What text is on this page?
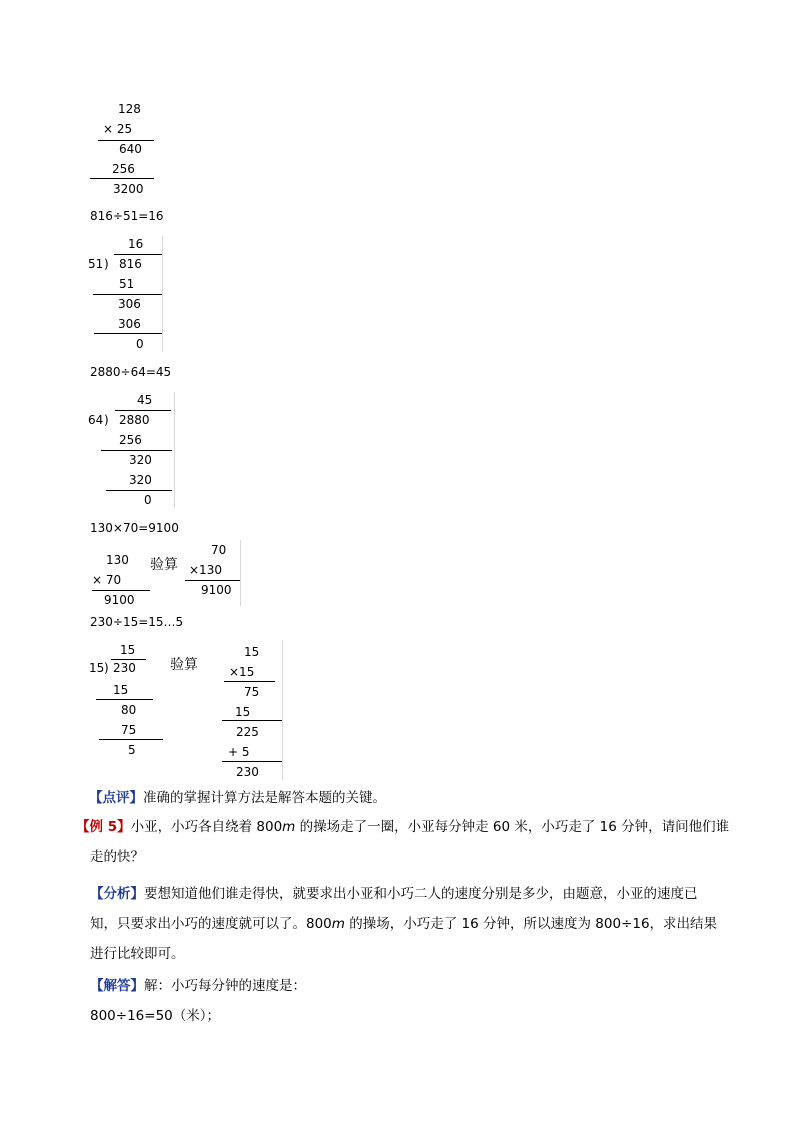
128
× 25
640
256
3200
816÷51=16
16
51 ) 816
51
306
306
0
2880÷64=45
45
64 ) 2880
256
320
320
0
130×70=9100
130
× 70
9100
验算
70
×130
9100
230÷15=15…5
15
15 ) 230
15
80
75
5
验算
15
×15
75
15
225
+ 5
230
【点评】准确的掌握计算方法是解答本题的关键。

【例 5】小亚，小巧各自绕着 800m 的操场走了一圈，小亚每分钟走 60 米，小巧走了 16 分钟，请问他们谁

走的快？

【分析】要想知道他们谁走得快，就要求出小亚和小巧二人的速度分别是多少，由题意，小亚的速度已

知，只要求出小巧的速度就可以了。800m 的操场，小巧走了 16 分钟，所以速度为 800÷16，求出结果

进行比较即可。

【解答】解：小巧每分钟的速度是：

800÷16=50（米）；
